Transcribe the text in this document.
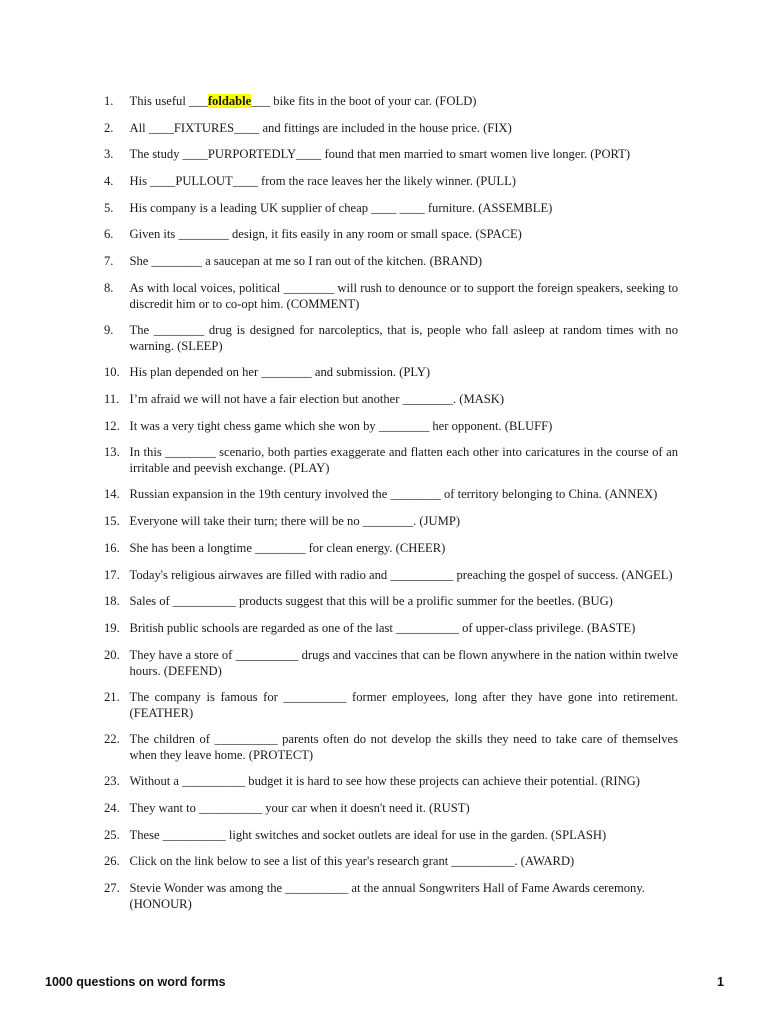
1.	This useful ___foldable___ bike fits in the boot of your car. (FOLD)
2.	All ____FIXTURES____ and fittings are included in the house price. (FIX)
3.	The study ____PURPORTEDLY____ found that men married to smart women live longer. (PORT)
4.	His ____PULLOUT____ from the race leaves her the likely winner. (PULL)
5.	His company is a leading UK supplier of cheap ____ ____ furniture. (ASSEMBLE)
6.	Given its ________ design, it fits easily in any room or small space. (SPACE)
7.	She ________ a saucepan at me so I ran out of the kitchen. (BRAND)
8.	As with local voices, political ________ will rush to denounce or to support the foreign speakers, seeking to discredit him or to co-opt him. (COMMENT)
9.	The ________ drug is designed for narcoleptics, that is, people who fall asleep at random times with no warning. (SLEEP)
10. His plan depended on her ________ and submission. (PLY)
11. I’m afraid we will not have a fair election but another ________. (MASK)
12. It was a very tight chess game which she won by ________ her opponent. (BLUFF)
13. In this ________ scenario, both parties exaggerate and flatten each other into caricatures in the course of an irritable and peevish exchange. (PLAY)
14. Russian expansion in the 19th century involved the ________ of territory belonging to China. (ANNEX)
15. Everyone will take their turn; there will be no ________. (JUMP)
16. She has been a longtime ________ for clean energy. (CHEER)
17. Today's religious airwaves are filled with radio and __________ preaching the gospel of success. (ANGEL)
18. Sales of __________ products suggest that this will be a prolific summer for the beetles. (BUG)
19. British public schools are regarded as one of the last __________ of upper-class privilege. (BASTE)
20. They have a store of __________ drugs and vaccines that can be flown anywhere in the nation within twelve hours. (DEFEND)
21. The company is famous for __________ former employees, long after they have gone into retirement. (FEATHER)
22. The children of __________ parents often do not develop the skills they need to take care of themselves when they leave home. (PROTECT)
23. Without a __________ budget it is hard to see how these projects can achieve their potential. (RING)
24. They want to __________ your car when it doesn't need it. (RUST)
25. These __________ light switches and socket outlets are ideal for use in the garden. (SPLASH)
26. Click on the link below to see a list of this year's research grant __________. (AWARD)
27. Stevie Wonder was among the __________ at the annual Songwriters Hall of Fame Awards ceremony. (HONOUR)
1000 questions on word forms	1
